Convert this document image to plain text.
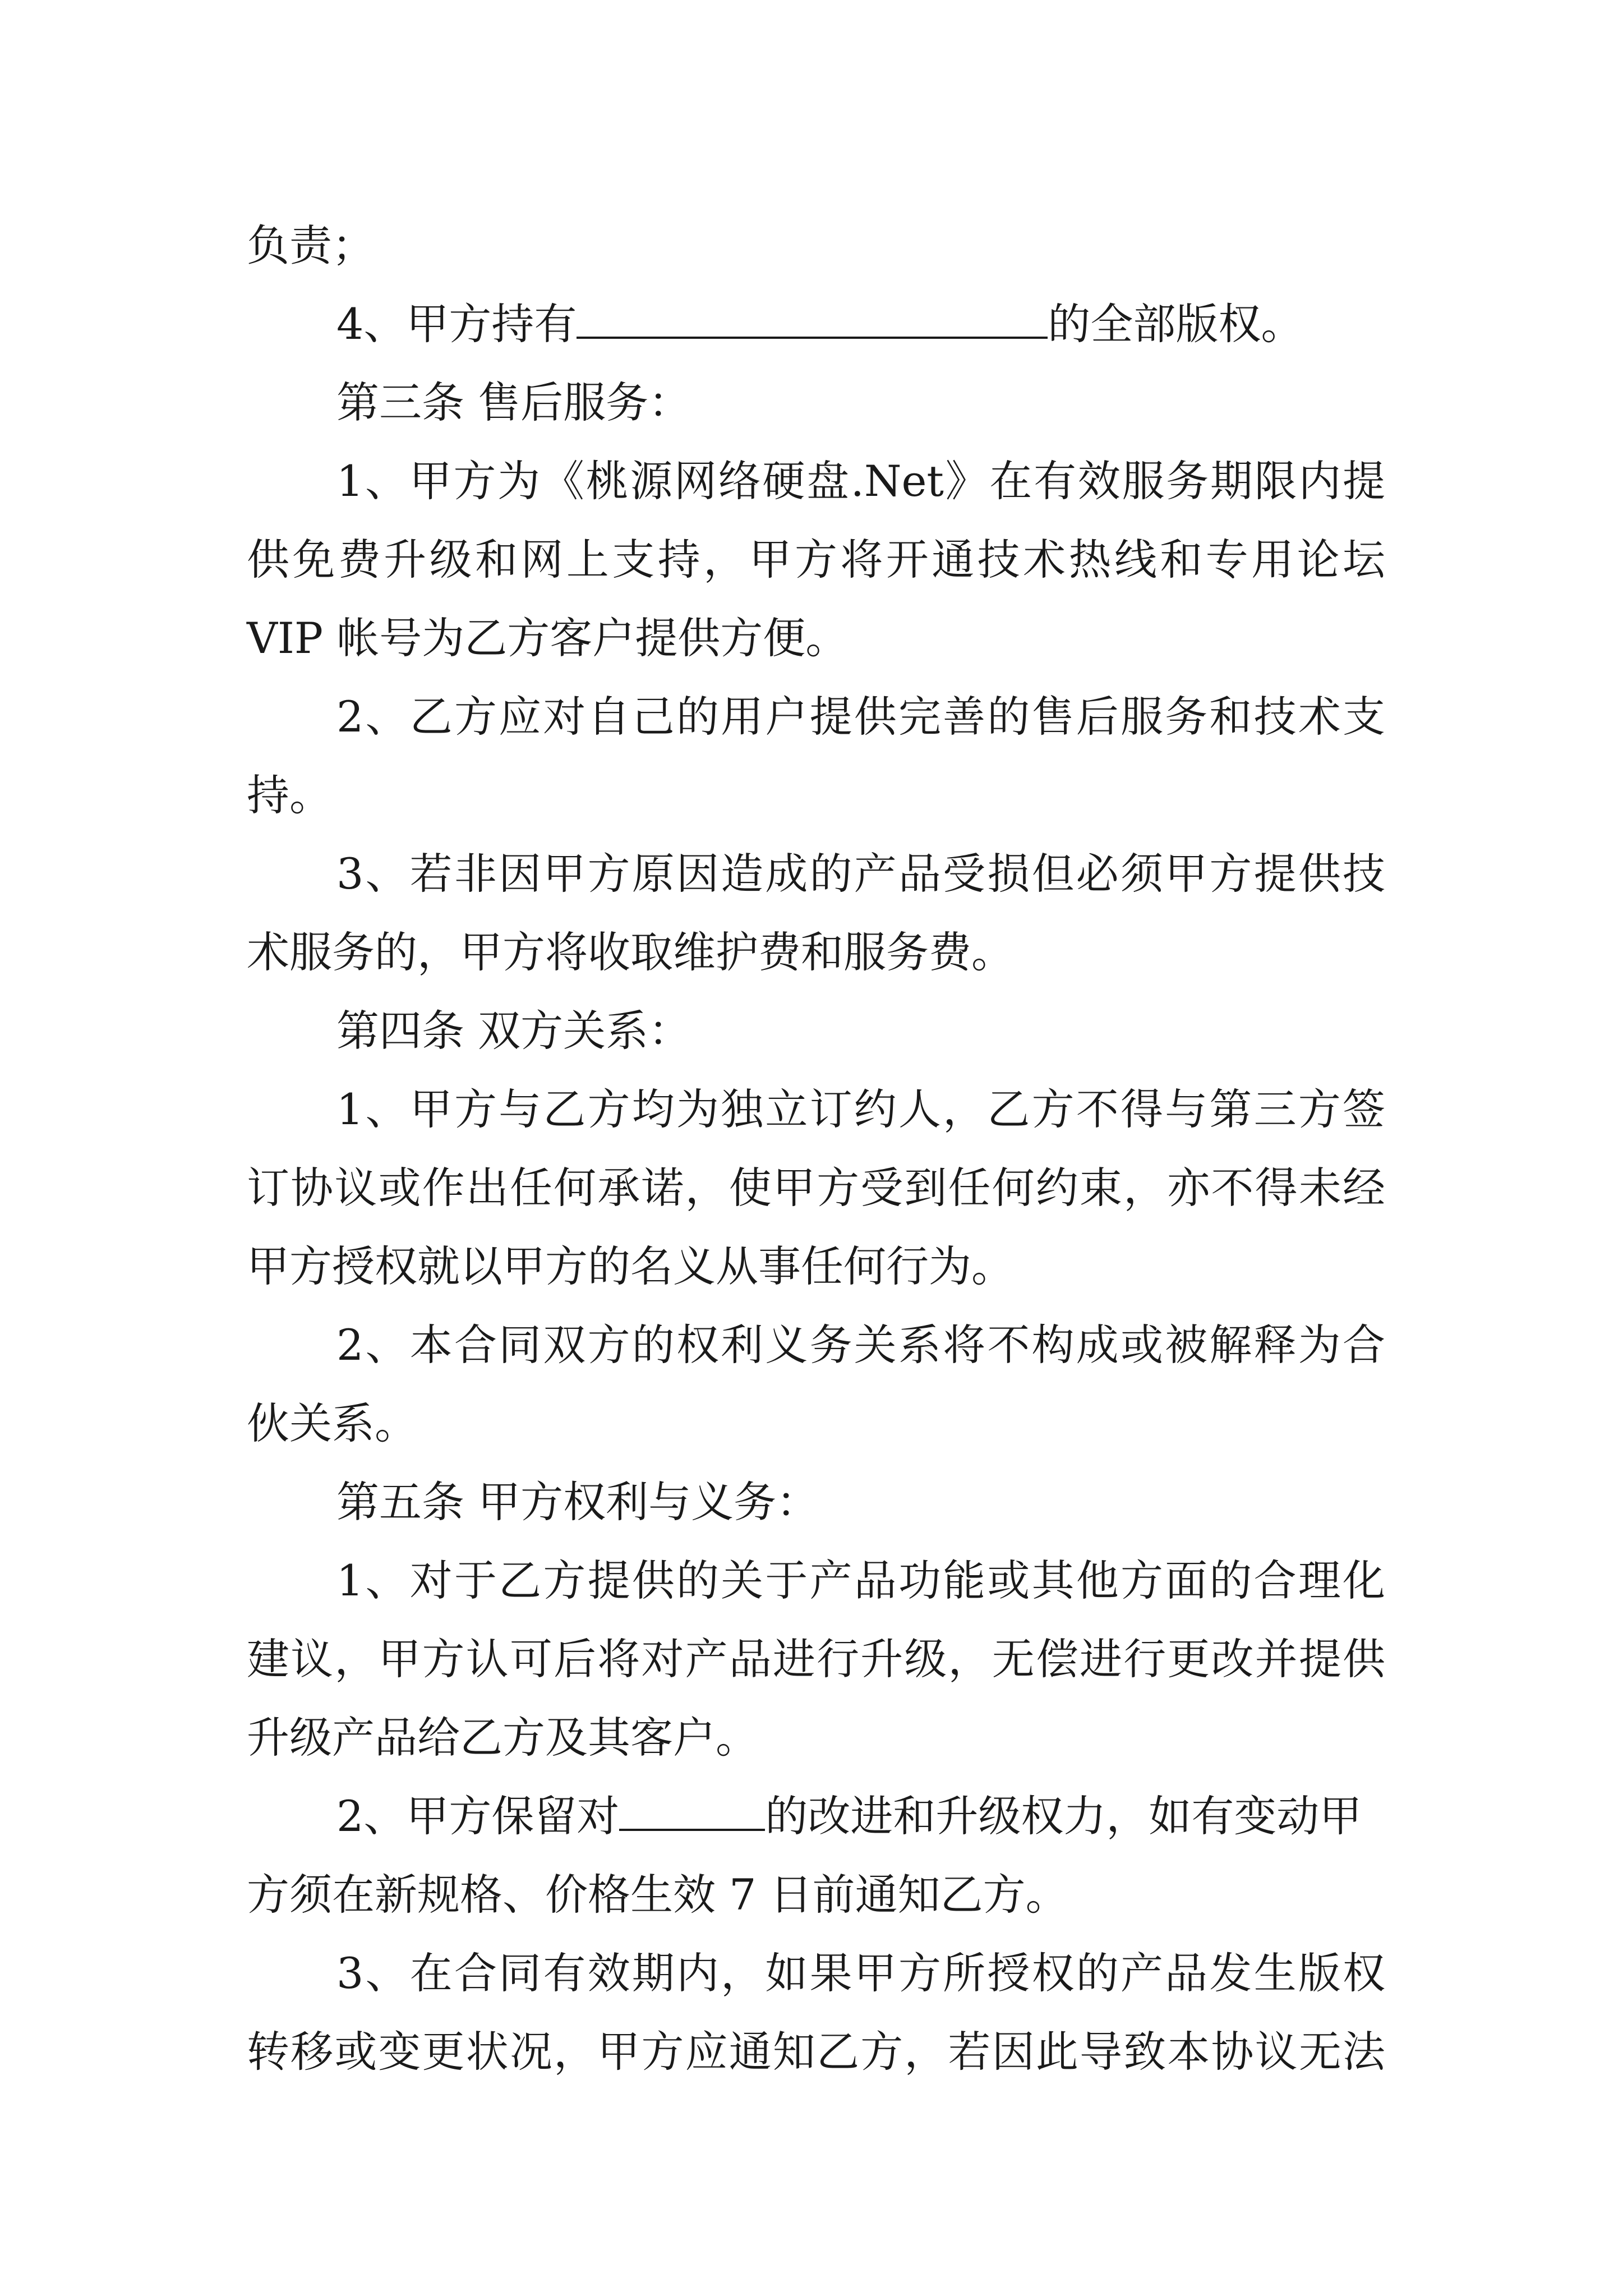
负责；

4、甲方持有	的全部版权。

第三条 售后服务：

1、甲方为《桃源网络硬盘.Net》在有效服务期限内提

供免费升级和网上支持，甲方将开通技术热线和专用论坛

VIP 帐号为乙方客户提供方便。

2、乙方应对自己的用户提供完善的售后服务和技术支

持。

3、若非因甲方原因造成的产品受损但必须甲方提供技

术服务的，甲方将收取维护费和服务费。

第四条 双方关系：

1、甲方与乙方均为独立订约人，乙方不得与第三方签

订协议或作出任何承诺，使甲方受到任何约束，亦不得未经

甲方授权就以甲方的名义从事任何行为。

2、本合同双方的权利义务关系将不构成或被解释为合

伙关系。

第五条 甲方权利与义务：

1、对于乙方提供的关于产品功能或其他方面的合理化

建议，甲方认可后将对产品进行升级，无偿进行更改并提供

升级产品给乙方及其客户。

2、甲方保留对	的改进和升级权力，如有变动甲

方须在新规格、价格生效 7 日前通知乙方。

3、在合同有效期内，如果甲方所授权的产品发生版权

转移或变更状况，甲方应通知乙方，若因此导致本协议无法
